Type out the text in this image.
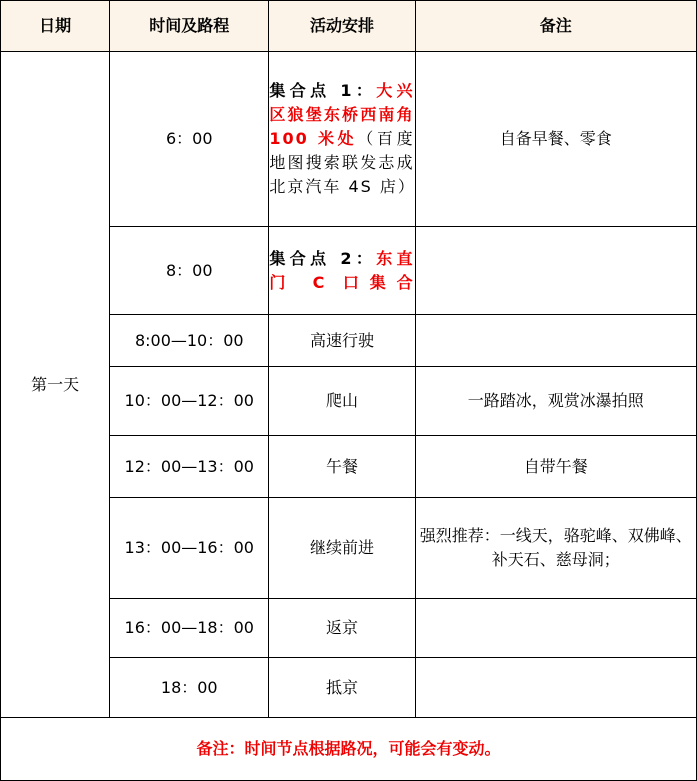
日期	时间及路程	活动安排	备注
第一天	6：00	集合点 1：大兴区狼堡东桥西南角 100 米处（百度地图搜索联发志成北京汽车 4S 店）	自备早餐、零食
	8：00	集合点 2：东直门 C 口集合	

	8:00—10：00	高速行驶	
	10：00—12：00	爬山	一路踏冰，观赏冰瀑拍照
	12：00—13：00	午餐	自带午餐
	13：00—16：00	继续前进	强烈推荐：一线天，骆驼峰、双佛峰、补天石、慈母洞；
	16：00—18：00	返京	
	18：00	抵京	
备注：时间节点根据路况，可能会有变动。			
